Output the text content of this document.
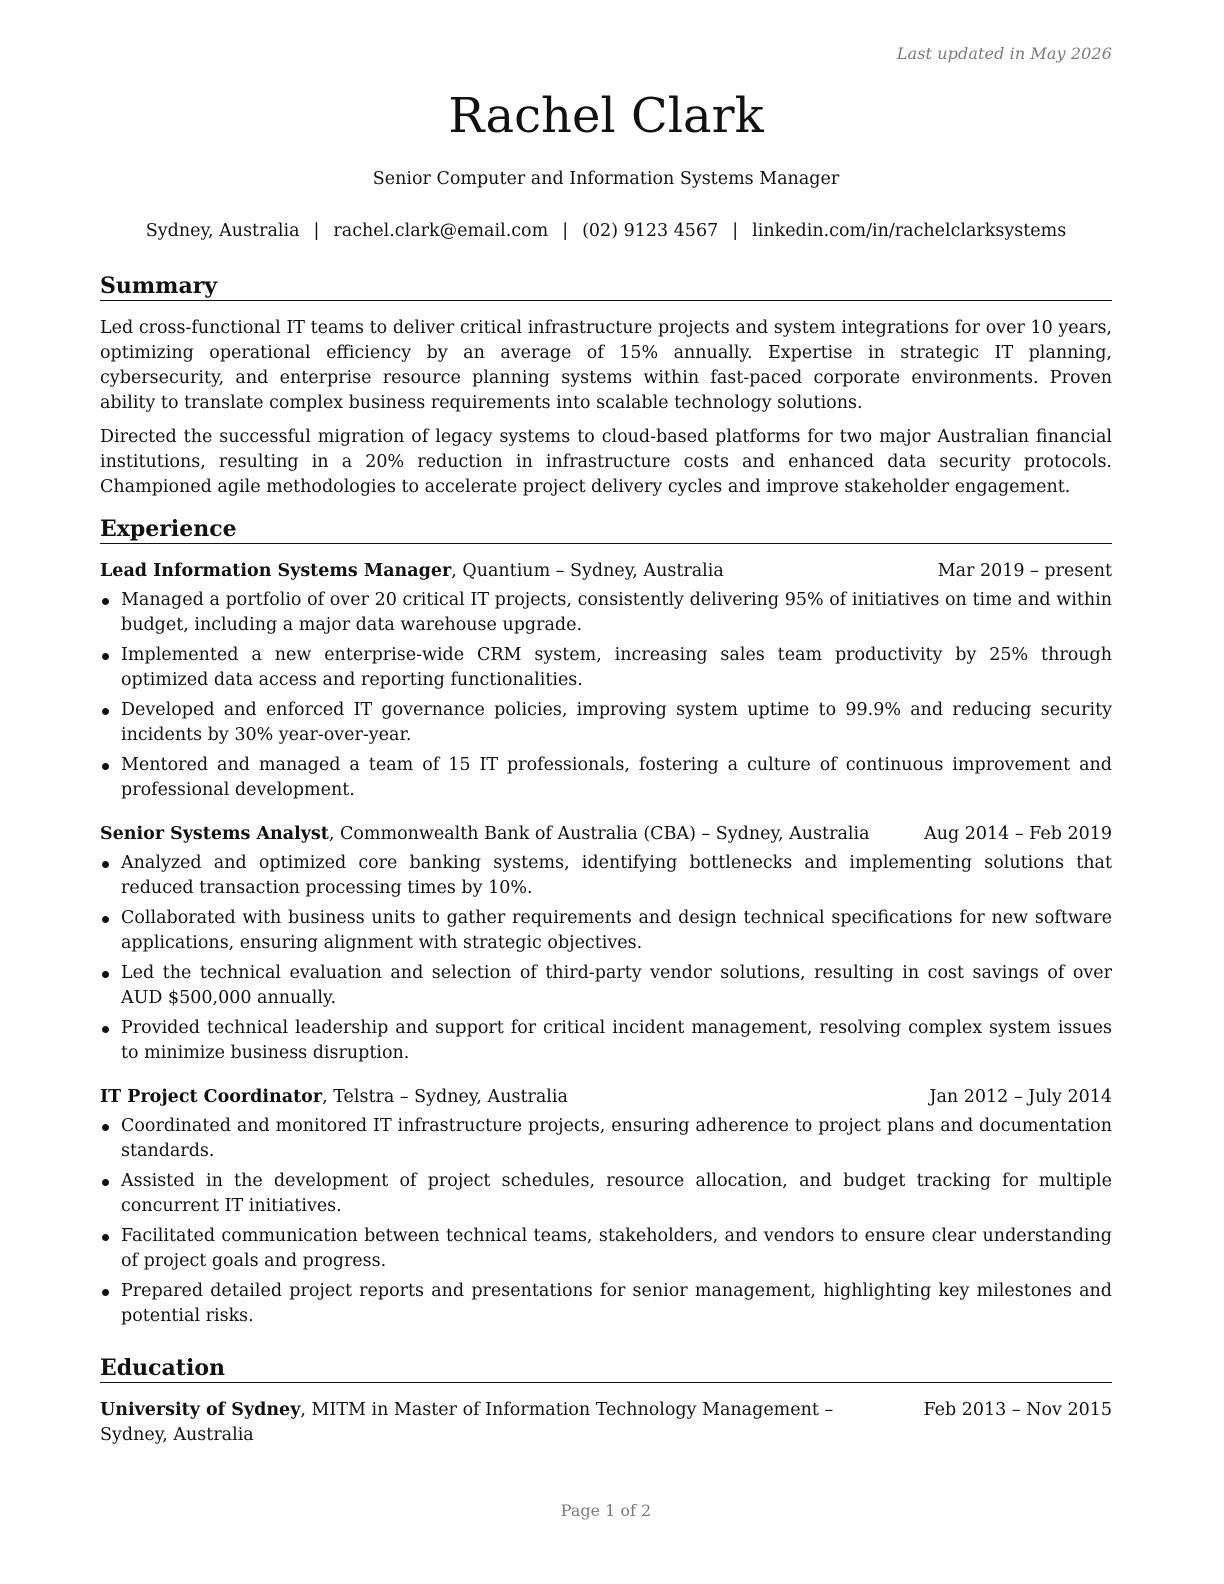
Last updated in May 2026
Rachel Clark
Senior Computer and Information Systems Manager
Sydney, Australia | rachel.clark@email.com | (02) 9123 4567 | linkedin.com/in/rachelclarksystems
Summary

Led cross-functional IT teams to deliver critical infrastructure projects and system integrations for over 10 years, optimizing operational efficiency by an average of 15% annually. Expertise in strategic IT planning, cybersecurity, and enterprise resource planning systems within fast-paced corporate environments. Proven ability to translate complex business requirements into scalable technology solutions.

Directed the successful migration of legacy systems to cloud-based platforms for two major Australian financial institutions, resulting in a 20% reduction in infrastructure costs and enhanced data security protocols. Championed agile methodologies to accelerate project delivery cycles and improve stakeholder engagement.

Experience
Lead Information Systems Manager, Quantium – Sydney, Australia	Mar 2019 – present
Managed a portfolio of over 20 critical IT projects, consistently delivering 95% of initiatives on time and within budget, including a major data warehouse upgrade.
Implemented a new enterprise-wide CRM system, increasing sales team productivity by 25% through optimized data access and reporting functionalities.
Developed and enforced IT governance policies, improving system uptime to 99.9% and reducing security incidents by 30% year-over-year.
Mentored and managed a team of 15 IT professionals, fostering a culture of continuous improvement and professional development.
Senior Systems Analyst, Commonwealth Bank of Australia (CBA) – Sydney, Australia	Aug 2014 – Feb 2019
Analyzed and optimized core banking systems, identifying bottlenecks and implementing solutions that reduced transaction processing times by 10%.
Collaborated with business units to gather requirements and design technical specifications for new software applications, ensuring alignment with strategic objectives.
Led the technical evaluation and selection of third-party vendor solutions, resulting in cost savings of over AUD $500,000 annually.
Provided technical leadership and support for critical incident management, resolving complex system issues to minimize business disruption.
IT Project Coordinator, Telstra – Sydney, Australia	Jan 2012 – July 2014
Coordinated and monitored IT infrastructure projects, ensuring adherence to project plans and documentation standards.
Assisted in the development of project schedules, resource allocation, and budget tracking for multiple concurrent IT initiatives.
Facilitated communication between technical teams, stakeholders, and vendors to ensure clear understanding of project goals and progress.
Prepared detailed project reports and presentations for senior management, highlighting key milestones and potential risks.
Education
University of Sydney, MITM in Master of Information Technology Management – Sydney, Australia
Feb 2013 – Nov 2015
Page 1 of 2
